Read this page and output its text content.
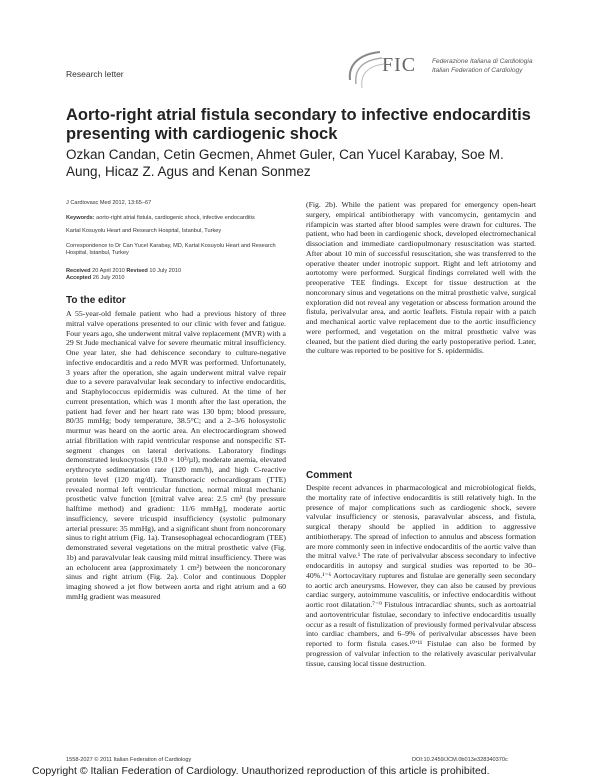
Research letter	FIC Federazione Italiana di Cardiologia
Italian Federation of Cardiology
Aorto-right atrial fistula secondary to infective endocarditis presenting with cardiogenic shock
Ozkan Candan, Cetin Gecmen, Ahmet Guler, Can Yucel Karabay, Soe M. Aung, Hicaz Z. Agus and Kenan Sonmez
J Cardiovasc Med 2012, 13:65–67
Keywords: aorto-right atrial fistula, cardiogenic shock, infective endocarditis
Kartal Kosuyolu Heart and Research Hospital, Istanbul, Turkey
Correspondence to Dr Can Yucel Karabay, MD, Kartal Kosuyolu Heart and Research Hospital, Istanbul, Turkey
Received 20 April 2010 Revised 10 July 2010
Accepted 26 July 2010
To the editor

A 55-year-old female patient who had a previous history of three mitral valve operations presented to our clinic with fever and fatigue. Four years ago, she underwent mitral valve replacement (MVR) with a 29 St Jude mechanical valve for severe rheumatic mitral insufficiency. One year later, she had dehiscence secondary to culture-negative infective endocarditis and a redo MVR was performed. Unfortunately, 3 years after the operation, she again underwent mitral valve repair due to a severe paravalvular leak secondary to infective endocarditis, and Staphylococcus epidermidis was cultured. At the time of her current presentation, which was 1 month after the last operation, the patient had fever and her heart rate was 130 bpm; blood pressure, 80/35 mmHg; body temperature, 38.5°C; and a 2–3/6 holosystolic murmur was heard on the aortic area. An electrocardiogram showed atrial fibrillation with rapid ventricular response and nonspecific ST-segment changes on lateral derivations. Laboratory findings demonstrated leukocytosis (19.0 × 10³/µl), moderate anemia, elevated erythrocyte sedimentation rate (120 mm/h), and high C-reactive protein level (120 mg/dl). Transthoracic echocardiogram (TTE) revealed normal left ventricular function, normal mitral mechanic prosthetic valve function [(mitral valve area: 2.5 cm² (by pressure halftime method) and gradient: 11/6 mmHg], moderate aortic insufficiency, severe tricuspid insufficiency (systolic pulmonary arterial pressure: 35 mmHg), and a significant shunt from noncoronary sinus to right atrium (Fig. 1a). Transesophageal echocardiogram (TEE) demonstrated several vegetations on the mitral prosthetic valve (Fig. 1b) and paravalvular leak causing mild mitral insufficiency. There was an echolucent area (approximately 1 cm²) between the noncoronary sinus and right atrium (Fig. 2a). Color and continuous Doppler imaging showed a jet flow between aorta and right atrium and a 60 mmHg gradient was measured

(Fig. 2b). While the patient was prepared for emergency open-heart surgery, empirical antibiotherapy with vancomycin, gentamycin and rifampicin was started after blood samples were drawn for cultures. The patient, who had been in cardiogenic shock, developed electromechanical dissociation and immediate cardiopulmonary resuscitation was started. After about 10 min of successful resuscitation, she was transferred to the operative theater under inotropic support. Right and left atriotomy and aortotomy were performed. Surgical findings correlated well with the preoperative TEE findings. Except for tissue destruction at the noncoronary sinus and vegetations on the mitral prosthetic valve, surgical exploration did not reveal any vegetation or abscess formation around the fistula, perivalvular area, and aortic leaflets. Fistula repair with a patch and mechanical aortic valve replacement due to the aortic insufficiency were performed, and vegetation on the mitral prosthetic valve was cleaned, but the patient died during the early postoperative period. Later, the culture was reported to be positive for S. epidermidis.

Comment

Despite recent advances in pharmacological and microbiological fields, the mortality rate of infective endocarditis is still relatively high. In the presence of major complications such as cardiogenic shock, severe valvular insufficiency or stenosis, paravalvular abscess, and fistula, surgical therapy should be applied in addition to aggressive antibiotherapy. The spread of infection to annulus and abscess formation are more commonly seen in infective endocarditis of the aortic valve than the mitral valve.¹ The rate of perivalvular abscess secondary to infective endocarditis in autopsy and surgical studies was reported to be 30–40%.¹⁻⁶ Aortocavitary ruptures and fistulae are generally seen secondary to aortic arch aneurysms. However, they can also be caused by previous cardiac surgery, autoimmune vasculitis, or infective endocarditis without aortic root dilatation.⁷⁻⁹ Fistulous intracardiac shunts, such as aortoatrial and aortoventricular fistulae, secondary to infective endocarditis usually occur as a result of fistulization of previously formed perivalvular abscess into cardiac chambers, and 6–9% of perivalvular abscesses have been reported to form fistula cases.¹⁰ʼ¹¹ Fistulae can also be formed by progression of valvular infection to the relatively avascular perivalvular tissue, causing local tissue destruction.

1558-2027 © 2011 Italian Federation of Cardiology	DOI:10.2459/JCM.0b013e328340370c
Copyright © Italian Federation of Cardiology. Unauthorized reproduction of this article is prohibited.
